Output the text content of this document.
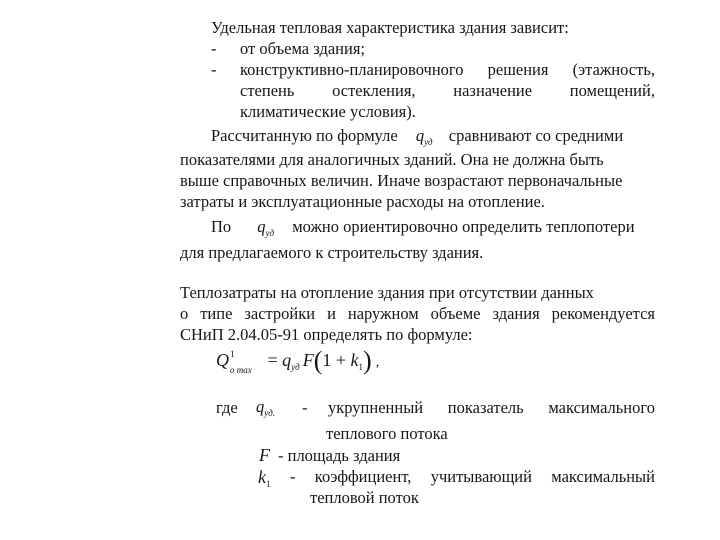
Удельная тепловая характеристика здания зависит:
- от объема здания;
- конструктивно-планировочного решения (этажность,
степень остекления, назначение помещений,
климатические условия).
Рассчитанную по формуле $q_{уд}$ сравнивают со средними
показателями для аналогичных зданий. Она не должна быть
выше справочных величин. Иначе возрастают первоначальные
затраты и эксплуатационные расходы на отопление.
По $q_{уд}$ можно ориентировочно определить теплопотери
для предлагаемого к строительству здания.
Теплозатраты на отопление здания при отсутствии данных
о типе застройки и наружном объеме здания рекомендуется
СНиП 2.04.05-91 определять по формуле:
Q 1
о $\max = q_{уд}$ $F(1 + k_1)$ ,
где $q_{уд.}$ - укрупненный показатель максимального
теплового потока
F - площадь здания
$k_1$ - коэффициент, учитывающий максимальный
тепловой поток
